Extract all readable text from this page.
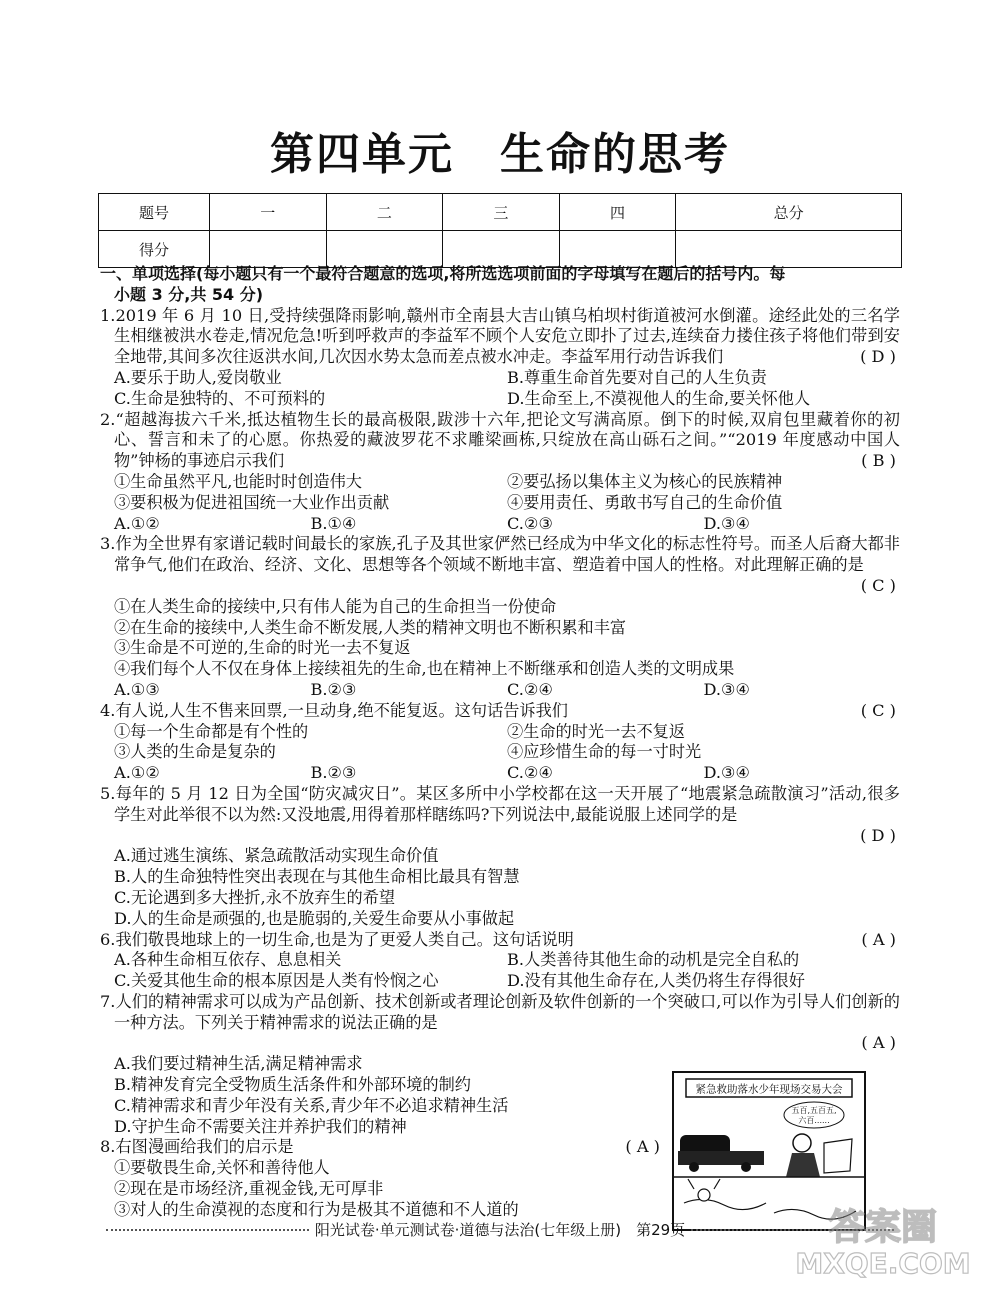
第四单元　生命的思考
题号	一	二	三	四	总分
得分					
一、单项选择(每小题只有一个最符合题意的选项,将所选选项前面的字母填写在题后的括号内。每
小题 3 分,共 54 分)

1.2019 年 6 月 10 日,受持续强降雨影响,赣州市全南县大吉山镇乌柏坝村街道被河水倒灌。途经此处的三名学生相继被洪水卷走,情况危急!听到呼救声的李益军不顾个人安危立即扑了过去,连续奋力搂住孩子将他们带到安全地带,其间多次往返洪水间,几次因水势太急而差点被水冲走。李益军用行动告诉我们	( D )
A.要乐于助人,爱岗敬业	B.尊重生命首先要对自己的人生负责
C.生命是独特的、不可预料的	D.生命至上,不漠视他人的生命,要关怀他人

2.“超越海拔六千米,抵达植物生长的最高极限,跋涉十六年,把论文写满高原。倒下的时候,双肩包里藏着你的初心、誓言和未了的心愿。你热爱的藏波罗花不求雕梁画栋,只绽放在高山砾石之间。”“2019 年度感动中国人物”钟杨的事迹启示我们	( B )
①生命虽然平凡,也能时时创造伟大	②要弘扬以集体主义为核心的民族精神
③要积极为促进祖国统一大业作出贡献	④要用责任、勇敢书写自己的生命价值
A.①②	B.①④	C.②③	D.③④

3.作为全世界有家谱记载时间最长的家族,孔子及其世家俨然已经成为中华文化的标志性符号。而圣人后裔大都非常争气,他们在政治、经济、文化、思想等各个领域不断地丰富、塑造着中国人的性格。对此理解正确的是

( C )
①在人类生命的接续中,只有伟人能为自己的生命担当一份使命
②在生命的接续中,人类生命不断发展,人类的精神文明也不断积累和丰富
③生命是不可逆的,生命的时光一去不复返
④我们每个人不仅在身体上接续祖先的生命,也在精神上不断继承和创造人类的文明成果
A.①③	B.②③	C.②④	D.③④

4.有人说,人生不售来回票,一旦动身,绝不能复返。这句话告诉我们	( C )
①每一个生命都是有个性的	②生命的时光一去不复返
③人类的生命是复杂的	④应珍惜生命的每一寸时光
A.①②	B.②③	C.②④	D.③④

5.每年的 5 月 12 日为全国“防灾减灾日”。某区多所中小学校都在这一天开展了“地震紧急疏散演习”活动,很多学生对此举很不以为然:又没地震,用得着那样瞎练吗?下列说法中,最能说服上述同学的是

( D )
A.通过逃生演练、紧急疏散活动实现生命价值
B.人的生命独特性突出表现在与其他生命相比最具有智慧
C.无论遇到多大挫折,永不放弃生的希望
D.人的生命是顽强的,也是脆弱的,关爱生命要从小事做起

6.我们敬畏地球上的一切生命,也是为了更爱人类自己。这句话说明	( A )
A.各种生命相互依存、息息相关	B.人类善待其他生命的动机是完全自私的
C.关爱其他生命的根本原因是人类有怜悯之心	D.没有其他生命存在,人类仍将生存得很好

7.人们的精神需求可以成为产品创新、技术创新或者理论创新及软件创新的一个突破口,可以作为引导人们创新的一种方法。下列关于精神需求的说法正确的是

( A )
A.我们要过精神生活,满足精神需求
B.精神发育完全受物质生活条件和外部环境的制约
C.精神需求和青少年没有关系,青少年不必追求精神生活
D.守护生命不需要关注并养护我们的精神
8.右图漫画给我们的启示是	( A )
①要敬畏生命,关怀和善待他人
②现在是市场经济,重视金钱,无可厚非
③对人的生命漠视的态度和行为是极其不道德和不人道的
紧急救助落水少年现场交易大会
五百,五百五,
六百......
阳光试卷·单元测试卷·道德与法治(七年级上册)　第29页	答案圈
MXQE.COM
